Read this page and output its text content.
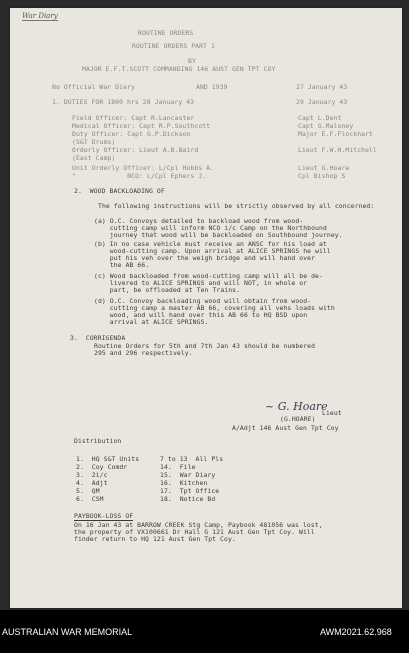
War Diary
ROUTINE ORDERS
ROUTINE ORDERS PART 1
BY
MAJOR E.F.T.SCOTT COMMANDING 146 AUST GEN TPT COY
No Official War Diary	AND 1939	27 January 43
1. DUTIES FOR 1800 hrs 28 January 43	29 January 43
Field Officer: Capt R.Lancaster	Capt L.Dent
Medical Officer: Capt R.P.Southcott	Capt G.Maloney
Duty Officer: Capt G.P.Dickson	Major E.F.Flockhart
(S&T Drums)
Orderly Officer: Lieut A.B.Baird	Lieut F.W.H.Mitchell
(East Camp)
Unit Orderly Officer: L/Cpl Hobbs A.	Lieut G.Hoare
"             NCO: L/Cpl Ephers J.	Cpl Bishop S
2.  WOOD BACKLOADING OF
The following instructions will be strictly observed by all concerned:
(a) O.C. Convoys detailed to backload wood from wood-
cutting camp will inform NCO i/c Camp on the Northbound
journey that wood will be backloaded on Southbound journey.
(b) In no case vehicle must receive an ANSC for his load at
wood-cutting camp. Upon arrival at ALICE SPRINGS he will
put his veh over the weigh bridge and will hand over
the AB 66.
(c) Wood backloaded from wood-cutting camp will all be de-
livered to ALICE SPRINGS and will NOT, in whole or
part, be offloaded at Ten Trains.
(d) O.C. Convoy backloading wood will obtain from wood-
cutting camp a master AB 66, covering all vehs loads with
wood, and will hand over this AB 66 to HQ BSD upon
arrival at ALICE SPRINGS.
3.  CORRIGENDA
Routine Orders for 5th and 7th Jan 43 should be numbered
295 and 296 respectively.
~ G. Hoare
Lieut
(G.HOARE)
A/Adjt 146 Aust Gen Tpt Coy
Distribution
1.  HQ S&T Units
2.  Coy Comdr
3.  2i/c
4.  Adjt
5.  QM
6.  CSM
7 to 13  All Pls
14.  File
15.  War Diary
16.  Kitchen
17.  Tpt Office
18.  Notice Bd
PAYBOOK-LOSS OF
On 16 Jan 43 at BARROW CREEK Stg Camp, Paybook 481056 was lost,
the property of VX100661 Dr Hall G 121 Aust Gen Tpt Coy. Will
finder return to HQ 121 Aust Gen Tpt Coy.
AUSTRALIAN WAR MEMORIAL	AWM2021.62.968
